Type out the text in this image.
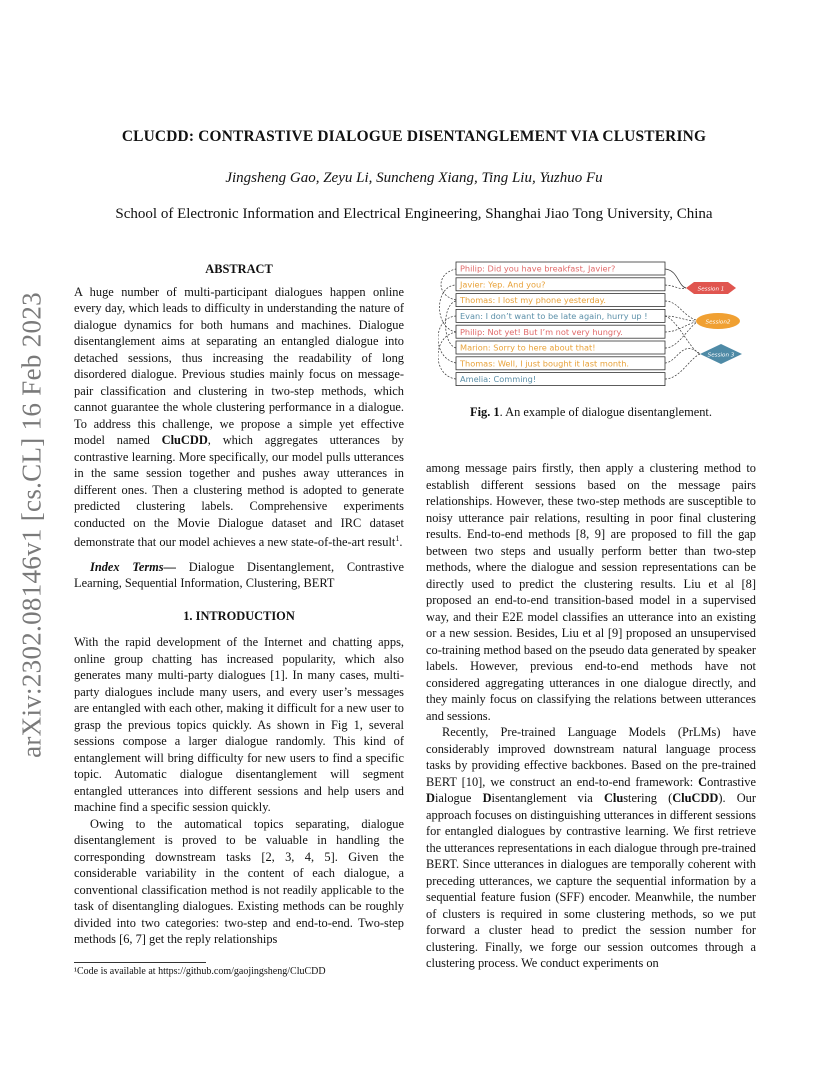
arXiv:2302.08146v1 [cs.CL] 16 Feb 2023
CLUCDD: CONTRASTIVE DIALOGUE DISENTANGLEMENT VIA CLUSTERING
Jingsheng Gao, Zeyu Li, Suncheng Xiang, Ting Liu, Yuzhuo Fu
School of Electronic Information and Electrical Engineering, Shanghai Jiao Tong University, China
ABSTRACT

A huge number of multi-participant dialogues happen online every day, which leads to difficulty in understanding the nature of dialogue dynamics for both humans and machines. Dialogue disentanglement aims at separating an entangled dialogue into detached sessions, thus increasing the readability of long disordered dialogue. Previous studies mainly focus on message-pair classification and clustering in two-step methods, which cannot guarantee the whole clustering performance in a dialogue. To address this challenge, we propose a simple yet effective model named CluCDD, which aggregates utterances by contrastive learning. More specifically, our model pulls utterances in the same session together and pushes away utterances in different ones. Then a clustering method is adopted to generate predicted clustering labels. Comprehensive experiments conducted on the Movie Dialogue dataset and IRC dataset demonstrate that our model achieves a new state-of-the-art result$^1$.

Index Terms— Dialogue Disentanglement, Contrastive Learning, Sequential Information, Clustering, BERT

1. INTRODUCTION

With the rapid development of the Internet and chatting apps, online group chatting has increased popularity, which also generates many multi-party dialogues [1]. In many cases, multi-party dialogues include many users, and every user’s messages are entangled with each other, making it difficult for a new user to grasp the previous topics quickly. As shown in Fig 1, several sessions compose a larger dialogue randomly. This kind of entanglement will bring difficulty for new users to find a specific topic. Automatic dialogue disentanglement will segment entangled utterances into different sessions and help users and machine find a specific session quickly.

Owing to the automatical topics separating, dialogue disentanglement is proved to be valuable in handling the corresponding downstream tasks [2, 3, 4, 5]. Given the considerable variability in the content of each dialogue, a conventional classification method is not readily applicable to the task of disentangling dialogues. Existing methods can be roughly divided into two categories: two-step and end-to-end. Two-step methods [6, 7] get the reply relationships

¹Code is available at https://github.com/gaojingsheng/CluCDD
Philip: Did you have breakfast, Javier?
Javier: Yep. And you?
Thomas: I lost my phone yesterday.
Evan: I don’t want to be late again, hurry up !
Philip: Not yet! But I’m not very hungry.
Marion: Sorry to here about that!
Thomas: Well, I just bought it last month.
Amelia: Comming!
Session 1
Session2
Session 3
Fig. 1. An example of dialogue disentanglement.

among message pairs firstly, then apply a clustering method to establish different sessions based on the message pairs relationships. However, these two-step methods are susceptible to noisy utterance pair relations, resulting in poor final clustering results. End-to-end methods [8, 9] are proposed to fill the gap between two steps and usually perform better than two-step methods, where the dialogue and session representations can be directly used to predict the clustering results. Liu et al [8] proposed an end-to-end transition-based model in a supervised way, and their E2E model classifies an utterance into an existing or a new session. Besides, Liu et al [9] proposed an unsupervised co-training method based on the pseudo data generated by speaker labels. However, previous end-to-end methods have not considered aggregating utterances in one dialogue directly, and they mainly focus on classifying the relations between utterances and sessions.

Recently, Pre-trained Language Models (PrLMs) have considerably improved downstream natural language process tasks by providing effective backbones. Based on the pre-trained BERT [10], we construct an end-to-end framework: Contrastive Dialogue Disentanglement via Clustering (CluCDD). Our approach focuses on distinguishing utterances in different sessions for entangled dialogues by contrastive learning. We first retrieve the utterances representations in each dialogue through pre-trained BERT. Since utterances in dialogues are temporally coherent with preceding utterances, we capture the sequential information by a sequential feature fusion (SFF) encoder. Meanwhile, the number of clusters is required in some clustering methods, so we put forward a cluster head to predict the session number for clustering. Finally, we forge our session outcomes through a clustering process. We conduct experiments on
